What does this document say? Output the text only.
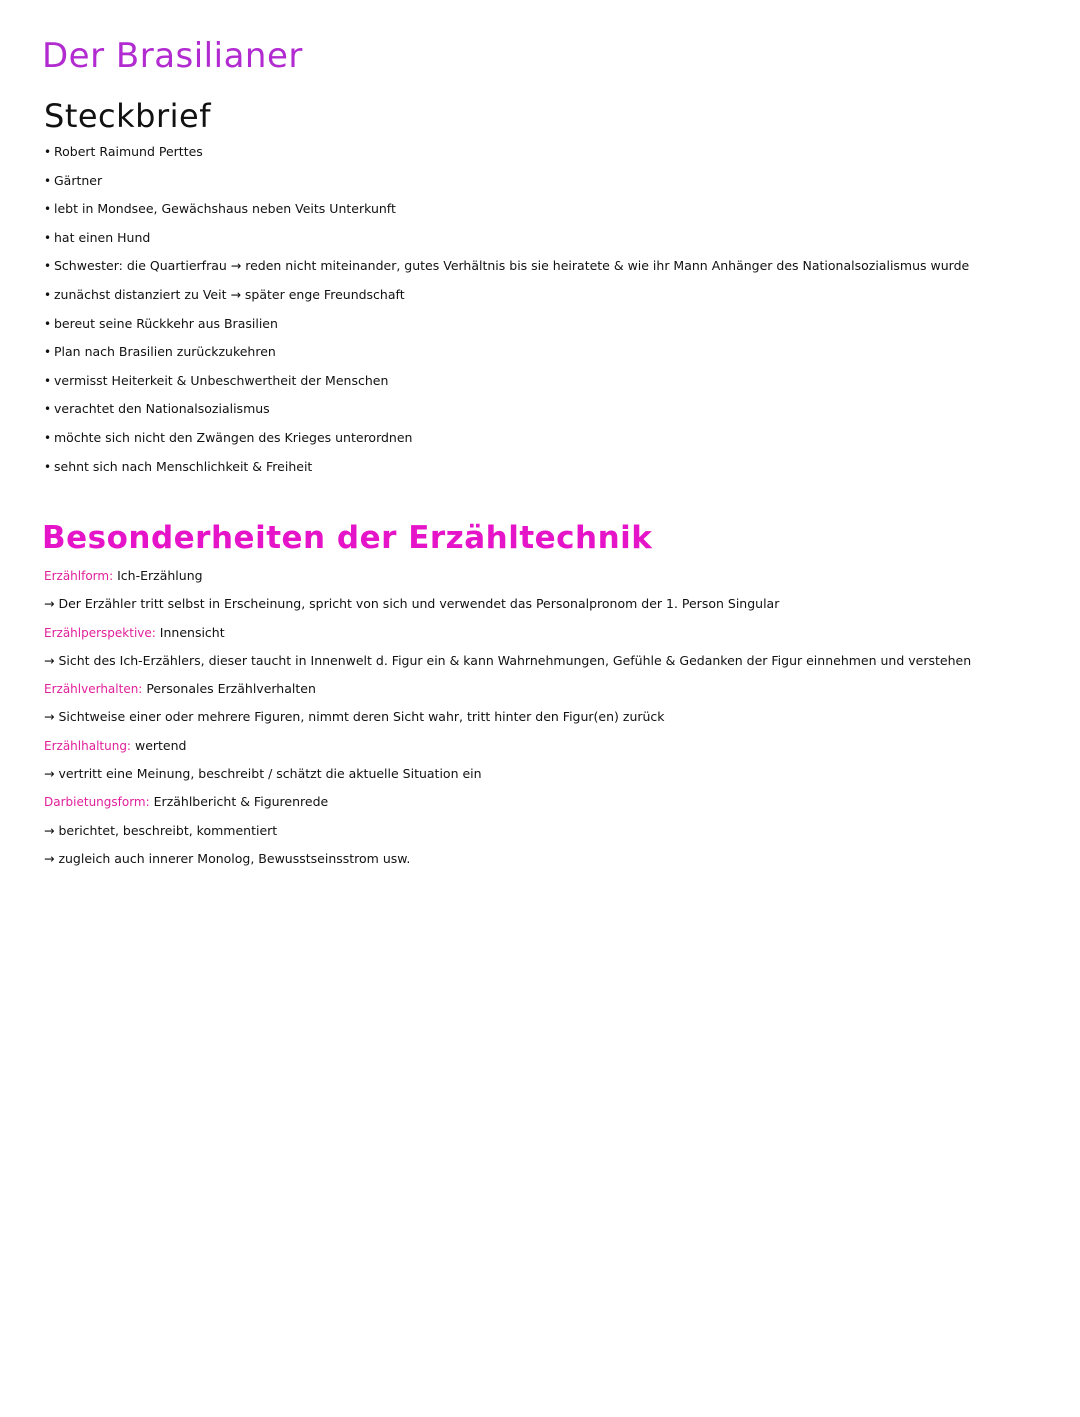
Der Brasilianer
Steckbrief
• Robert Raimund Perttes
• Gärtner
• lebt in Mondsee, Gewächshaus neben Veits Unterkunft
• hat einen Hund
• Schwester: die Quartierfrau → reden nicht miteinander, gutes Verhältnis bis sie heiratete & wie ihr Mann Anhänger des Nationalsozialismus wurde
• zunächst distanziert zu Veit → später enge Freundschaft
• bereut seine Rückkehr aus Brasilien
• Plan nach Brasilien zurückzukehren
• vermisst Heiterkeit & Unbeschwertheit der Menschen
• verachtet den Nationalsozialismus
• möchte sich nicht den Zwängen des Krieges unterordnen
• sehnt sich nach Menschlichkeit & Freiheit
Besonderheiten der Erzähltechnik
Erzählform: Ich-Erzählung
→ Der Erzähler tritt selbst in Erscheinung, spricht von sich und verwendet das Personalpronom der 1. Person Singular
Erzählperspektive: Innensicht
→ Sicht des Ich-Erzählers, dieser taucht in Innenwelt d. Figur ein & kann Wahrnehmungen, Gefühle & Gedanken der Figur einnehmen und verstehen
Erzählverhalten: Personales Erzählverhalten
→ Sichtweise einer oder mehrere Figuren, nimmt deren Sicht wahr, tritt hinter den Figur(en) zurück
Erzählhaltung: wertend
→ vertritt eine Meinung, beschreibt / schätzt die aktuelle Situation ein
Darbietungsform: Erzählbericht & Figurenrede
→ berichtet, beschreibt, kommentiert
→ zugleich auch innerer Monolog, Bewusstseinsstrom usw.
